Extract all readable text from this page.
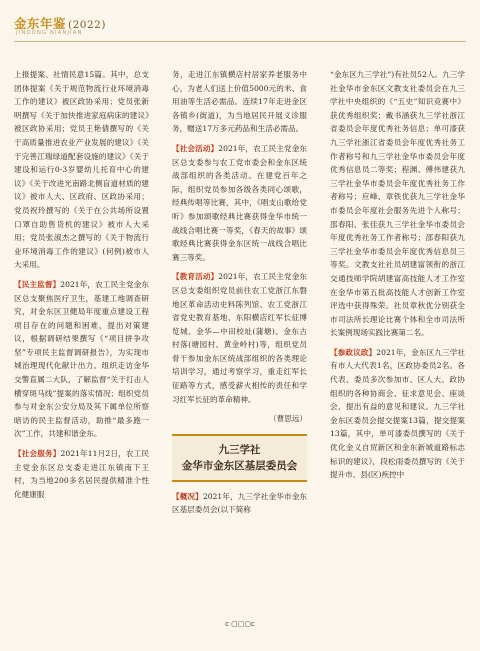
金东年鉴 (2022)
JINDONG NIANJIAN

上报提案、社情民意15篇。其中，总支团体提案《关于规范物流行业环境消毒工作的建议》被区政协采用；党员张新明撰写《关于加快推进家庭病床的建议》被区政协采用；党员王艳倩撰写的《关于高质量推进农业产业发展的建议》《关于完善江瑞绿道配套设施的建议》《关于建设和运行0-3岁婴幼儿托育中心的建议》《关于改进光南路北侧盲道材质的建议》被市人大、区政府、区政协采用；党员祝玲撰写的《关于在公共场所设置口罩自助售货机的建议》被市人大采用；党员张淑杰之撰写的《关于物流行业环境消毒工作的建议》(何例)被市人大采用。

【民主监督】2021年，农工民主党金东区总支聚焦医疗卫生，基建工地调查研究，对金东区卫健局年度重点建设工程项目存在的问题和困难，提出对策建议，根据调研结果撰写《“项目拼争攻坚”专项民主监督调研报告》，为实现市城治理现代化献计出力。组织走访金华交警直属二大队，了解监督“关于打击人横穿斑马线”提案的落实情况；组织党员参与对金东公安分局及其下属单位所察暗访的民主监督活动，助推“最多跑一次”工作，共建和谐金东。

【社会服务】2021年11月2日，农工民主党金东区总支委走进江东镇南下王村，为当地200多名居民提供精准个性化健康服

务，走进江东镇横店村居家养老服务中心，为老人们送上价值5000元的米、食用油等生活必需品。连续17年走进金区各镇乡(街道)，为当地居民开展义诊服务，赠送17万多元药品和生活必需品。

【社会活动】2021年，农工民主党金东区总支委参与农工党市委会和金东区统战部组织的各类活动。在建党百年之际，组织党员参加各级各类同心颂歌，经典传唱等比赛，其中，《唱支山歌给党听》参加颂歌经典比赛获得金华市统一战线合唱比赛一等奖，《春天的故事》颂歌经典比赛获得金东区统一战线合唱比赛三等奖。

【教育活动】2021年，农工民主党金东区总支委组织党员前往农工党浙江东磐地区革命活动史料陈列馆、农工党浙江省党史教育基地、东阳横店红军长征博览城、金华—中田校址(蒲塘)、金东古村落(塘园村、黄金岭村)等，组织党员骨干参加金东区统战部组织的各类理论培训学习，通过考察学习，重走红军长征路等方式，感受薪火相传的责任和学习红军长征的革命精神。

（曹思远）
九三学社
金华市金东区基层委员会

【概况】2021年，九三学社金华市金东区基层委员会(以下简称

“金东区九三学社”)有社员52人。九三学社金华市金东区文教支社委员会在九三学社中央组织的《“五史”知识竞赛中》获优秀组织奖；戴书涵获九三学社浙江省委员会年度优秀社务信息；单可漆获九三学社浙江省委员会年度优秀社务工作者称号和九三学社金华市委员会年度优秀信息员二等奖；程渊、傅伟建获九三学社金华市委员会年度优秀社务工作者称号；应峰、章铁优获九三学社金华市委员会年度社会服务先进个人称号；邵春阳、张佳获九三学社金华市委员会年度优秀社务工作者称号；邵春阳获九三学社金华市委员会年度优秀信息员三等奖。文教支社社员胡建富领衔的浙江交通技师学院胡建富高技能人才工作室在金华市第五批高技能人才创新工作室评选中获得殊荣。社员章秋优分别获全市司法所长理论比赛个体和全市司法所长案例现场实践比赛第二名。

【参政议政】2021年，金东区九三学社有市人大代表1名，区政协委员2名。各代表、委员多次参加市、区人大、政协组织的各种协商会、征求意见会、座谈会，提出有益的意见和建议。九三学社金东区委员会提交提案13篇，提交提案13篇，其中，单可漆委员撰写的《关于优化金义自贸新区和金东新城道路标志标识的建议》，段松雨委员撰写的《关于提升市、县(区)疾控中

c ▢▢▢c
